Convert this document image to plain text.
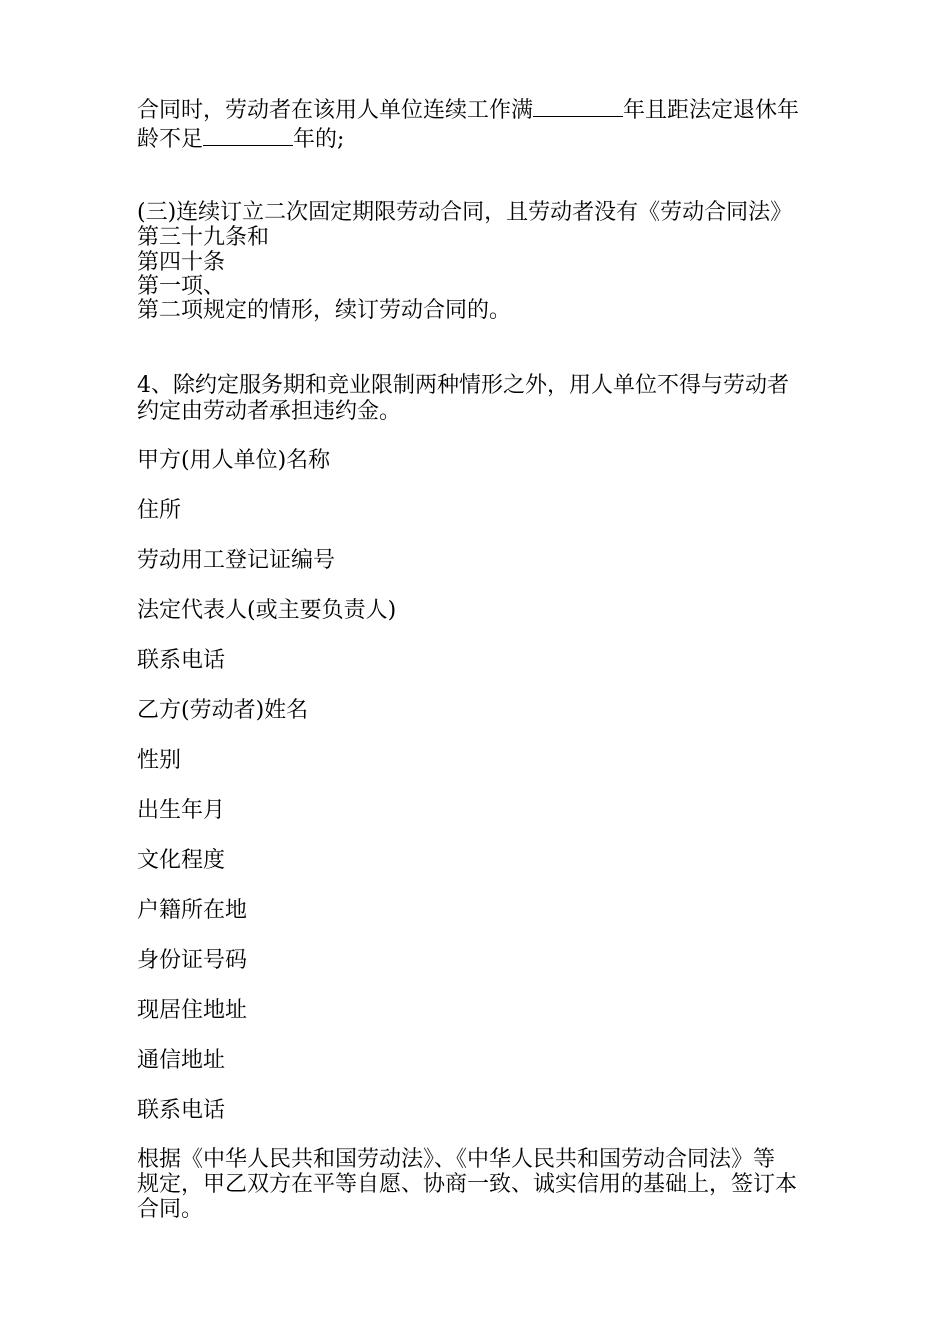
合同时，劳动者在该用人单位连续工作满	年且距法定退休年
龄不足	年的;
(三)连续订立二次固定期限劳动合同，且劳动者没有《劳动合同法》
第三十九条和
第四十条
第一项、
第二项规定的情形，续订劳动合同的。
4、除约定服务期和竞业限制两种情形之外，用人单位不得与劳动者
约定由劳动者承担违约金。
甲方(用人单位)名称
住所
劳动用工登记证编号
法定代表人(或主要负责人)
联系电话
乙方(劳动者)姓名
性别
出生年月
文化程度
户籍所在地
身份证号码
现居住地址
通信地址
联系电话
根据《中华人民共和国劳动法》、《中华人民共和国劳动合同法》等
规定，甲乙双方在平等自愿、协商一致、诚实信用的基础上，签订本
合同。
